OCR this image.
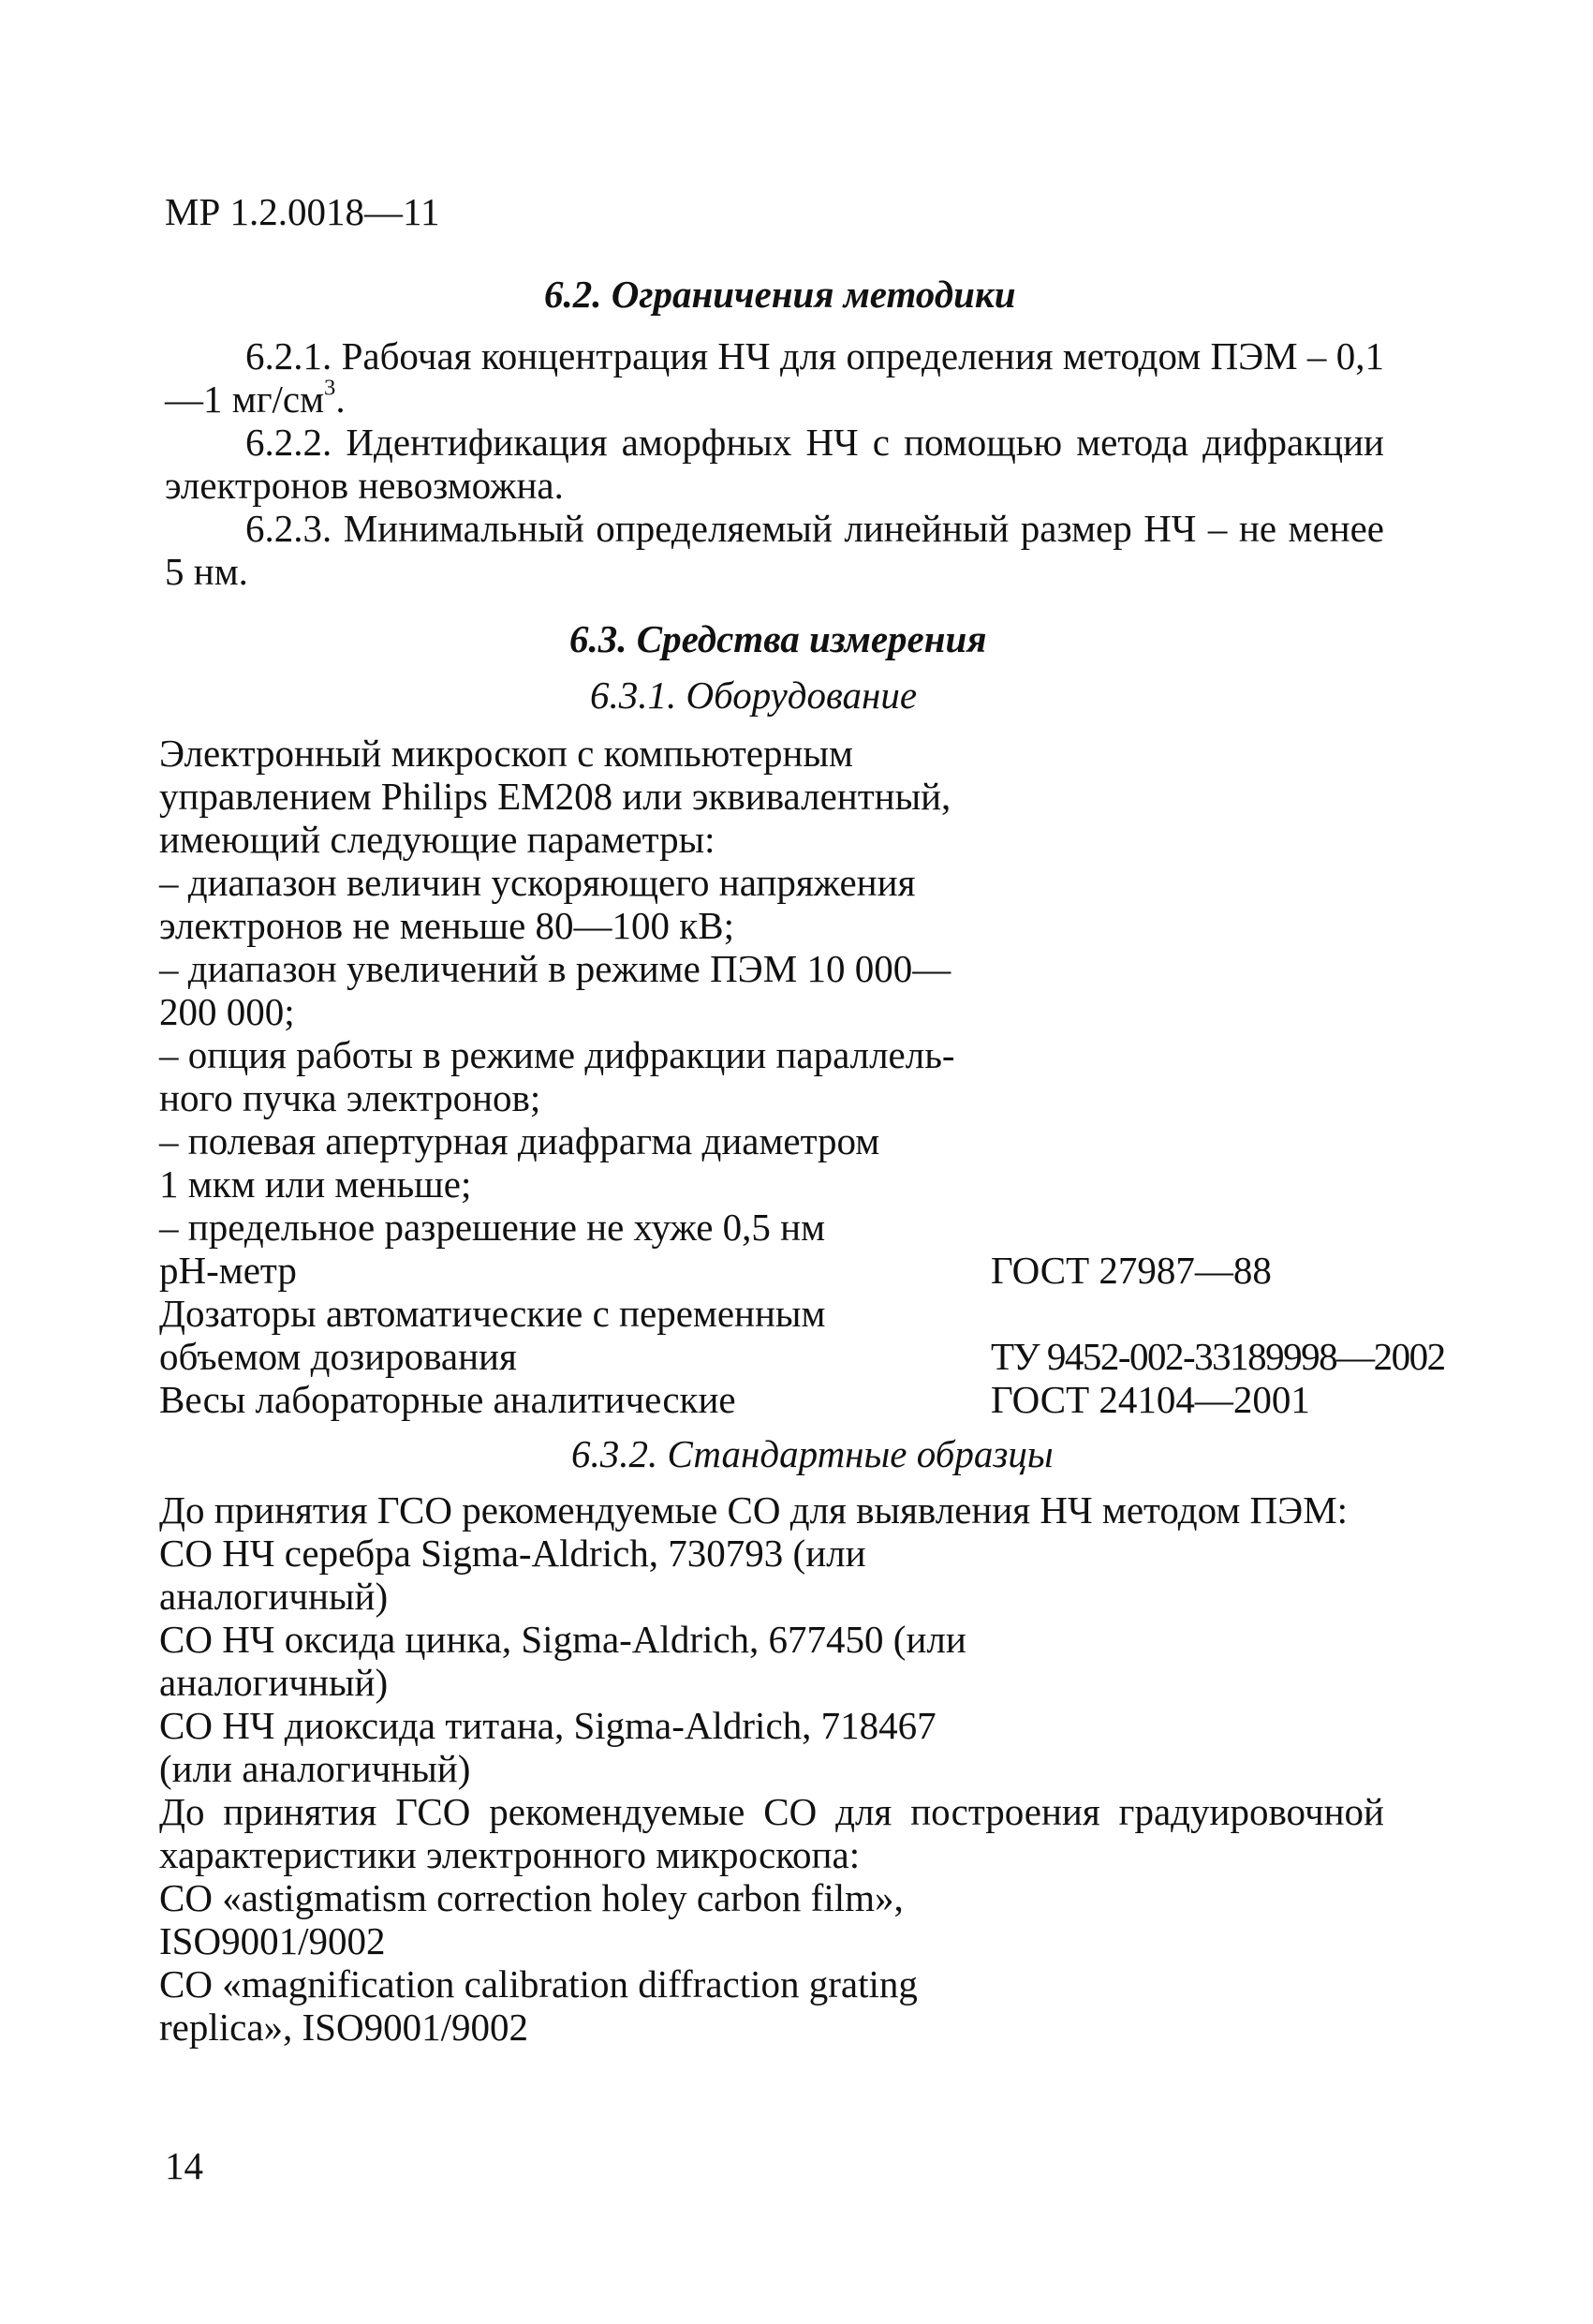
МР 1.2.0018—11
6.2. Ограничения методики
6.2.1. Рабочая концентрация НЧ для определения методом ПЭМ – 0,1—1 $мг/см^3$.
6.2.2. Идентификация аморфных НЧ с помощью метода дифракции электронов невозможна.
6.2.3. Минимальный определяемый линейный размер НЧ – не менее 5 нм.
6.3. Средства измерения
6.3.1. Оборудование
Электронный микроскоп с компьютерным
управлением Philips EM208 или эквивалентный,
имеющий следующие параметры:
– диапазон величин ускоряющего напряжения
электронов не меньше 80—100 кВ;
– диапазон увеличений в режиме ПЭМ 10 000—
200 000;
– опция работы в режиме дифракции параллель-
ного пучка электронов;
– полевая апертурная диафрагма диаметром
1 мкм или меньше;
– предельное разрешение не хуже 0,5 нм
pH-метр	ГОСТ 27987—88
Дозаторы автоматические с переменным
объемом дозирования	ТУ 9452-002-33189998—2002
Весы лабораторные аналитические	ГОСТ 24104—2001
6.3.2. Стандартные образцы
До принятия ГСО рекомендуемые СО для выявления НЧ методом ПЭМ:
СО НЧ серебра Sigma-Aldrich, 730793 (или
аналогичный)
СО НЧ оксида цинка, Sigma-Aldrich, 677450 (или
аналогичный)
СО НЧ диоксида титана, Sigma-Aldrich, 718467
(или аналогичный)
До принятия ГСО рекомендуемые СО для построения градуировочной характеристики электронного микроскопа:
СО «astigmatism correction holey carbon film»,
ISO9001/9002
СО «magnification calibration diffraction grating
replica», ISO9001/9002
14
